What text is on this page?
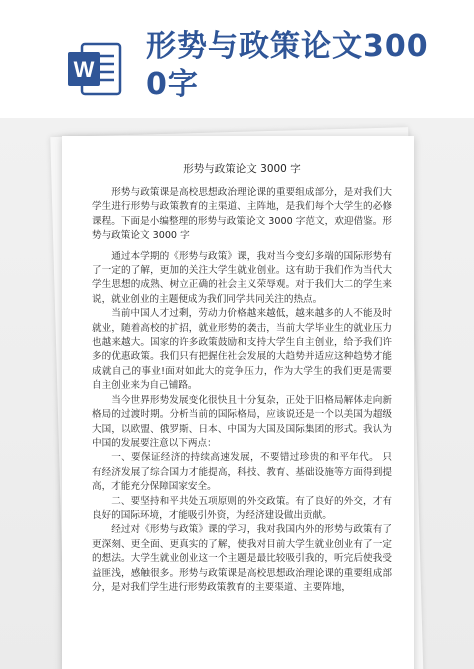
W
形势与政策论文3000字
形势与政策论文 3000 字

形势与政策课是高校思想政治理论课的重要组成部分，是对我们大学生进行形势与政策教育的主渠道、主阵地，是我们每个大学生的必修课程。下面是小编整理的形势与政策论文 3000 字范文，欢迎借鉴。形势与政策论文 3000 字

通过本学期的《形势与政策》课，我对当今变幻多端的国际形势有了一定的了解，更加的关注大学生就业创业。这有助于我们作为当代大学生思想的成熟、树立正确的社会主义荣辱观。对于我们大二的学生来说，就业创业的主题便成为我们同学共同关注的热点。

当前中国人才过剩，劳动力价格越来越低，越来越多的人不能及时就业，随着高校的扩招，就业形势的袭击，当前大学毕业生的就业压力也越来越大。国家的许多政策鼓励和支持大学生自主创业，给予我们许多的优惠政策。我们只有把握住社会发展的大趋势并适应这种趋势才能成就自己的事业!面对如此大的竞争压力，作为大学生的我们更是需要自主创业来为自己铺路。

当今世界形势发展变化很快且十分复杂，正处于旧格局解体走向新格局的过渡时期。分析当前的国际格局，应该说还是一个以美国为超级大国，以欧盟、俄罗斯、日本、中国为大国及国际集团的形式。我认为中国的发展要注意以下两点：

一、要保证经济的持续高速发展，不要错过珍贵的和平年代。 只有经济发展了综合国力才能提高，科技、教育、基础设施等方面得到提高，才能充分保障国家安全。

二、要坚持和平共处五项原则的外交政策。有了良好的外交，才有良好的国际环境，才能吸引外资，为经济建设做出贡献。

经过对《形势与政策》课的学习，我对我国内外的形势与政策有了更深刻、更全面、更真实的了解，使我对目前大学生就业创业有了一定的想法。大学生就业创业这一个主题是最比较吸引我的，听完后使我受益匪浅，感触很多。形势与政策课是高校思想政治理论课的重要组成部分，是对我们学生进行形势政策教育的主要渠道、主要阵地，
